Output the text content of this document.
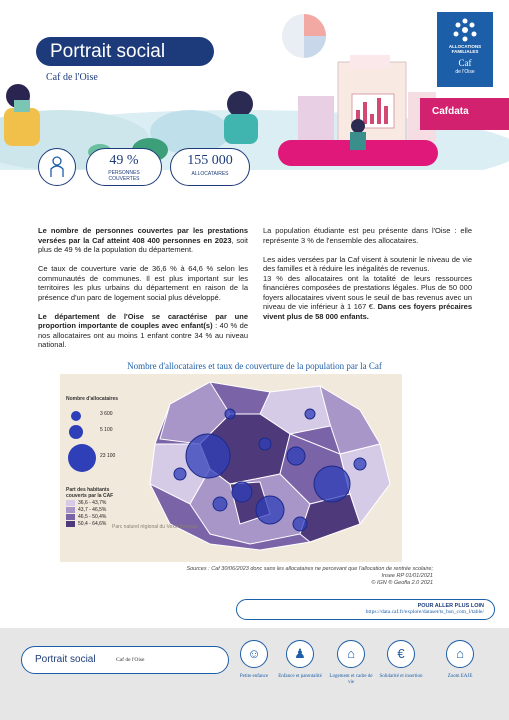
Portrait social
Caf de l'Oise
ALLOCATIONS FAMILIALES
Caf
de l'Oise
Cafdata
49 %
PERSONNES COUVERTES
155 000
ALLOCATAIRES

Le nombre de personnes couvertes par les prestations versées par la Caf atteint 408 400 personnes en 2023, soit plus de 49 % de la population du département.

Ce taux de couverture varie de 36,6 % à 64,6 % selon les communautés de communes. Il est plus important sur les territoires les plus urbains du département en raison de la présence d'un parc de logement social plus développé.

Le département de l'Oise se caractérise par une proportion importante de couples avec enfant(s) : 40 % de nos allocataires ont au moins 1 enfant contre 34 % au niveau national.

La population étudiante est peu présente dans l'Oise : elle représente 3 % de l'ensemble des allocataires.

Les aides versées par la Caf visent à soutenir le niveau de vie des familles et à réduire les inégalités de revenus.

13 % des allocataires ont la totalité de leurs ressources financières composées de prestations légales. Plus de 50 000 foyers allocataires vivent sous le seuil de bas revenus avec un niveau de vie inférieur à 1 167 €. Dans ces foyers précaires vivent plus de 58 000 enfants.

Nombre d'allocataires et taux de couverture de la population par la Caf
Parc naturel régional du Vexin français
Nombre d'allocataires
3 600
5 100
23 100
Part des habitants couverts par la CAF
36,6 - 43,7%
43,7 - 46,5%
46,5 - 50,4%
50,4 - 64,6%
Sources : Caf 30/06/2023 donc sans les allocataires ne percevant que l'allocation de rentrée scolaire;
Insee RP 01/01/2021
© IGN ® Geofla 2.0 2021
POUR ALLER PLUS LOIN
https://data.caf.fr/explore/dataset/ts_bsn_com_l/table/
Portrait social	Caf de l'Oise	☺
Petite enfance
♟
Enfance et parentalité
⌂
Logement et cadre de vie
€
Solidarité et insertion
⌂
Zoom EAJE
